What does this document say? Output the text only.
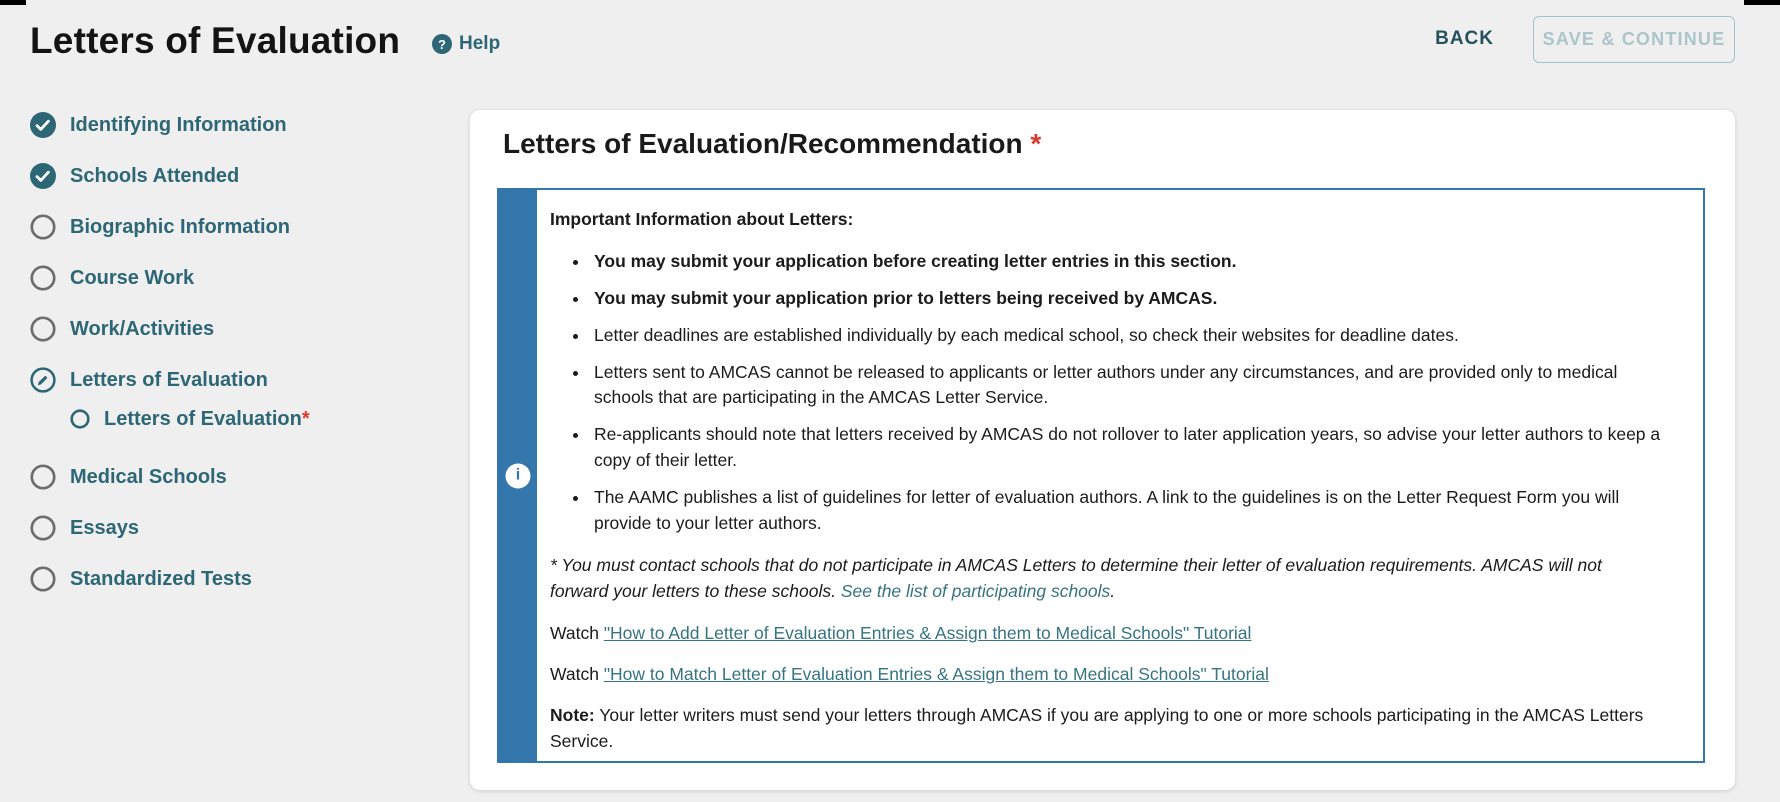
Letters of Evaluation	? Help	BACK	SAVE & CONTINUE
Identifying Information
Schools Attended
Biographic Information
Course Work
Work/Activities
Letters of Evaluation
Letters of Evaluation*
Medical Schools
Essays
Standardized Tests
Letters of Evaluation/Recommendation *
i

Important Information about Letters:

• You may submit your application before creating letter entries in this section.
• You may submit your application prior to letters being received by AMCAS.
• Letter deadlines are established individually by each medical school, so check their websites for deadline dates.
• Letters sent to AMCAS cannot be released to applicants or letter authors under any circumstances, and are provided only to medical schools that are participating in the AMCAS Letter Service.
• Re-applicants should note that letters received by AMCAS do not rollover to later application years, so advise your letter authors to keep a copy of their letter.
• The AAMC publishes a list of guidelines for letter of evaluation authors. A link to the guidelines is on the Letter Request Form you will provide to your letter authors.

* You must contact schools that do not participate in AMCAS Letters to determine their letter of evaluation requirements. AMCAS will not forward your letters to these schools. See the list of participating schools.

Watch "How to Add Letter of Evaluation Entries & Assign them to Medical Schools" Tutorial

Watch "How to Match Letter of Evaluation Entries & Assign them to Medical Schools" Tutorial

Note: Your letter writers must send your letters through AMCAS if you are applying to one or more schools participating in the AMCAS Letters Service.
